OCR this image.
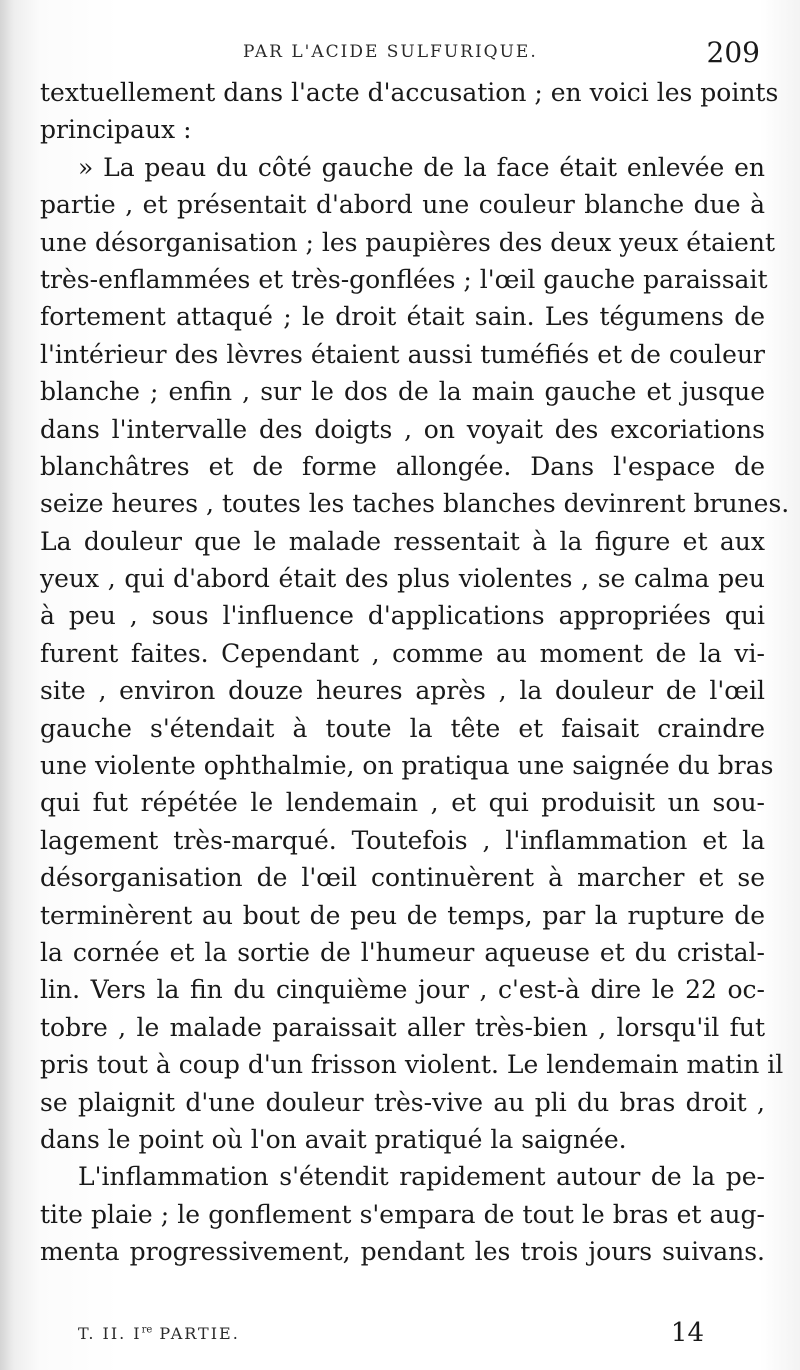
PAR L'ACIDE SULFURIQUE.	209
textuellement dans l'acte d'accusation ; en voici les points
principaux :
» La peau du côté gauche de la face était enlevée en
partie , et présentait d'abord une couleur blanche due à
une désorganisation ; les paupières des deux yeux étaient
très-enflammées et très-gonflées ; l'œil gauche paraissait
fortement attaqué ; le droit était sain. Les tégumens de
l'intérieur des lèvres étaient aussi tuméfiés et de couleur
blanche ; enfin , sur le dos de la main gauche et jusque
dans l'intervalle des doigts , on voyait des excoriations
blanchâtres et de forme allongée. Dans l'espace de
seize heures , toutes les taches blanches devinrent brunes.
La douleur que le malade ressentait à la figure et aux
yeux , qui d'abord était des plus violentes , se calma peu
à peu , sous l'influence d'applications appropriées qui
furent faites. Cependant , comme au moment de la vi-
site , environ douze heures après , la douleur de l'œil
gauche s'étendait à toute la tête et faisait craindre
une violente ophthalmie, on pratiqua une saignée du bras
qui fut répétée le lendemain , et qui produisit un sou-
lagement très-marqué. Toutefois , l'inflammation et la
désorganisation de l'œil continuèrent à marcher et se
terminèrent au bout de peu de temps, par la rupture de
la cornée et la sortie de l'humeur aqueuse et du cristal-
lin. Vers la fin du cinquième jour , c'est-à dire le 22 oc-
tobre , le malade paraissait aller très-bien , lorsqu'il fut
pris tout à coup d'un frisson violent. Le lendemain matin il
se plaignit d'une douleur très-vive au pli du bras droit ,
dans le point où l'on avait pratiqué la saignée.
L'inflammation s'étendit rapidement autour de la pe-
tite plaie ; le gonflement s'empara de tout le bras et aug-
menta progressivement, pendant les trois jours suivans.
T. II. Ire PARTIE.	14
